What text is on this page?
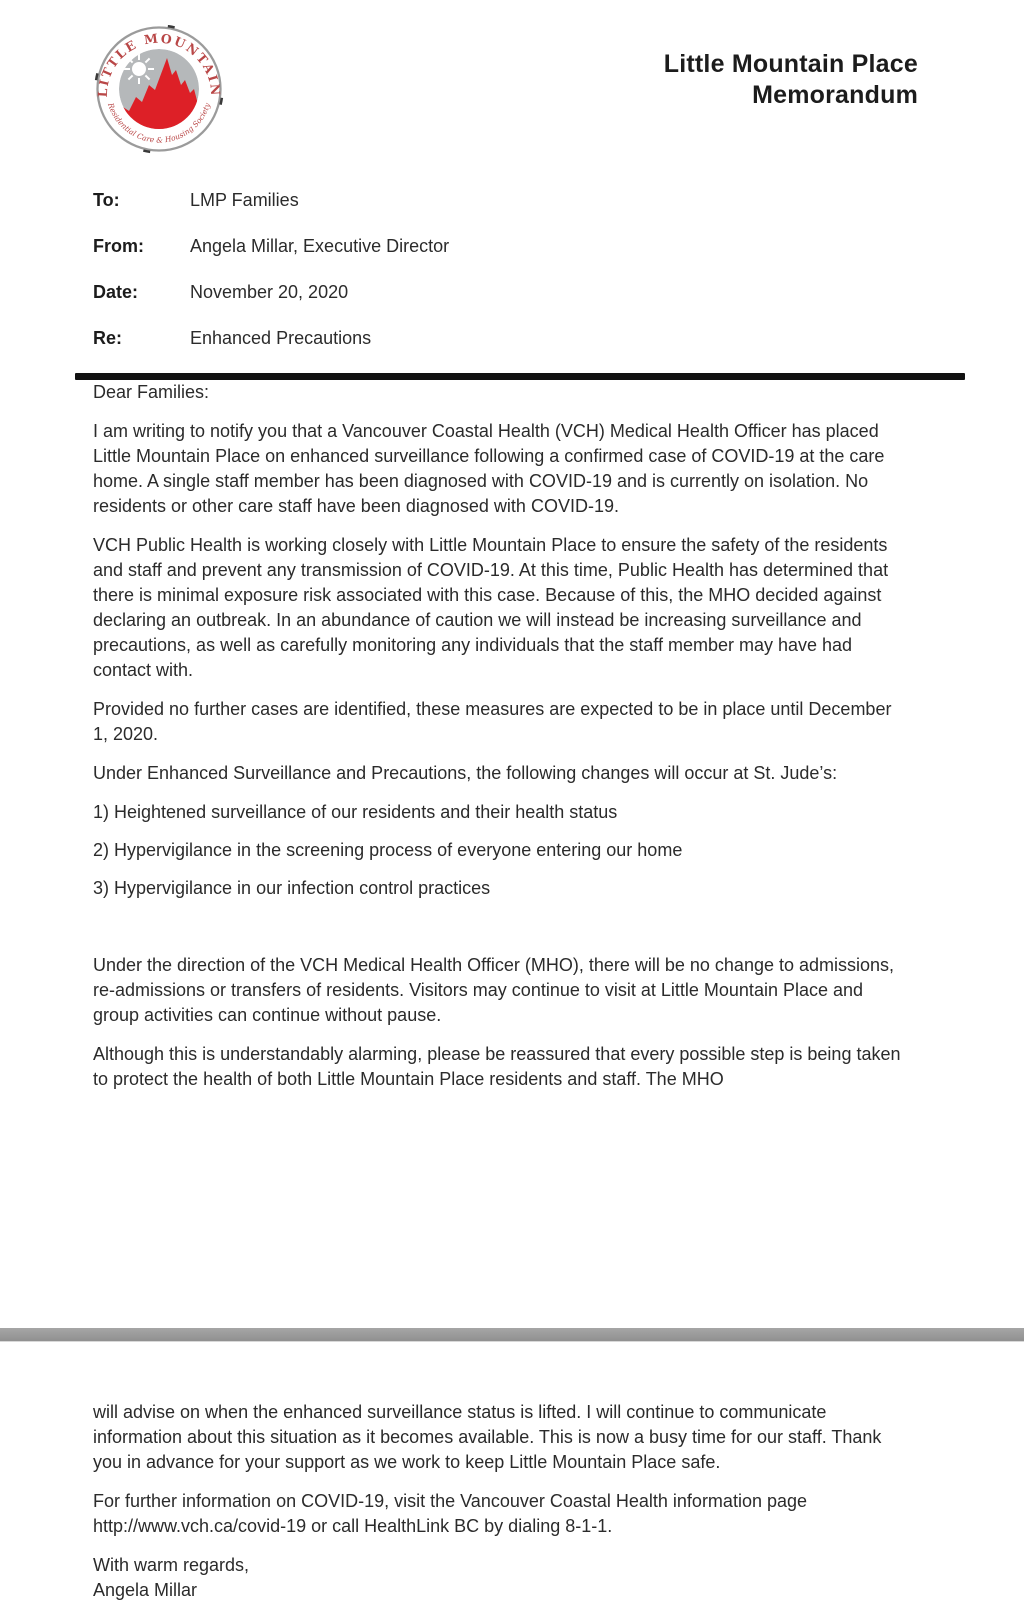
LITTLE MOUNTAIN
Residential Care & Housing Society
Little Mountain Place
Memorandum
To:	LMP Families
From:	Angela Millar, Executive Director
Date:	November 20, 2020
Re:	Enhanced Precautions

Dear Families:

I am writing to notify you that a Vancouver Coastal Health (VCH) Medical Health Officer has placed Little Mountain Place on enhanced surveillance following a confirmed case of COVID-19 at the care home. A single staff member has been diagnosed with COVID-19 and is currently on isolation. No residents or other care staff have been diagnosed with COVID-19.

VCH Public Health is working closely with Little Mountain Place to ensure the safety of the residents and staff and prevent any transmission of COVID-19. At this time, Public Health has determined that there is minimal exposure risk associated with this case. Because of this, the MHO decided against declaring an outbreak. In an abundance of caution we will instead be increasing surveillance and precautions, as well as carefully monitoring any individuals that the staff member may have had contact with.

Provided no further cases are identified, these measures are expected to be in place until December 1, 2020.

Under Enhanced Surveillance and Precautions, the following changes will occur at St. Jude’s:

1) Heightened surveillance of our residents and their health status
2) Hypervigilance in the screening process of everyone entering our home
3) Hypervigilance in our infection control practices

Under the direction of the VCH Medical Health Officer (MHO), there will be no change to admissions, re-admissions or transfers of residents. Visitors may continue to visit at Little Mountain Place and group activities can continue without pause.

Although this is understandably alarming, please be reassured that every possible step is being taken to protect the health of both Little Mountain Place residents and staff. The MHO

will advise on when the enhanced surveillance status is lifted. I will continue to communicate information about this situation as it becomes available. This is now a busy time for our staff. Thank you in advance for your support as we work to keep Little Mountain Place safe.

For further information on COVID-19, visit the Vancouver Coastal Health information page http://www.vch.ca/covid-19 or call HealthLink BC by dialing 8-1-1.

With warm regards,

Angela Millar
